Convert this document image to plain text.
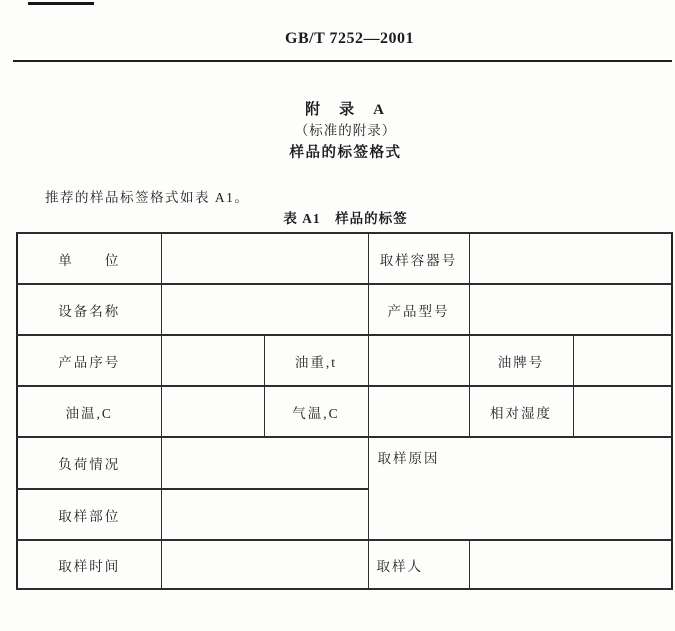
GB/T 7252—2001
附　录　A
（标准的附录）
样品的标签格式
推荐的样品标签格式如表 A1。
表 A1　样品的标签
单　　位			取样容器号		
设备名称			产品型号		
产品序号		油重,t		油牌号	
油温,C		气温,C		相对湿度	
负荷情况			取样原因		
取样部位					
取样时间			取样人		
